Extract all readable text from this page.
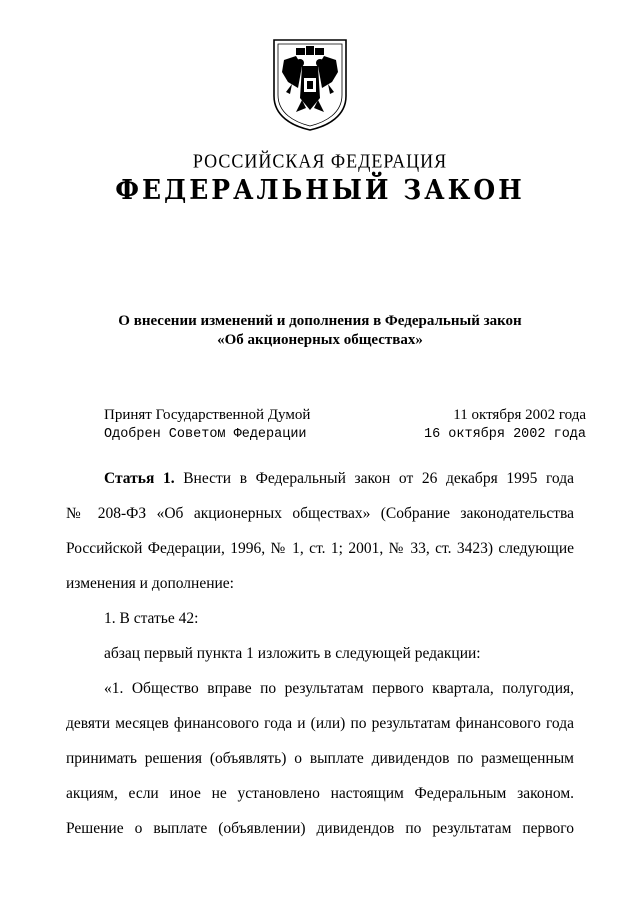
РОССИЙСКАЯ ФЕДЕРАЦИЯ
ФЕДЕРАЛЬНЫЙ ЗАКОН
О внесении изменений и дополнения в Федеральный закон
«Об акционерных обществах»
Принят Государственной Думой	11 октября 2002 года
Одобрен Советом Федерации	16 октября 2002 года
Статья 1. Внести в Федеральный закон от 26 декабря 1995 года
№ 208-ФЗ «Об акционерных обществах» (Собрание законодательства
Российской Федерации, 1996, № 1, ст. 1; 2001, № 33, ст. 3423) следующие
изменения и дополнение:
1. В статье 42:
абзац первый пункта 1 изложить в следующей редакции:
«1. Общество вправе по результатам первого квартала, полугодия,
девяти месяцев финансового года и (или) по результатам финансового года
принимать решения (объявлять) о выплате дивидендов по размещенным
акциям, если иное не установлено настоящим Федеральным законом.
Решение о выплате (объявлении) дивидендов по результатам первого
